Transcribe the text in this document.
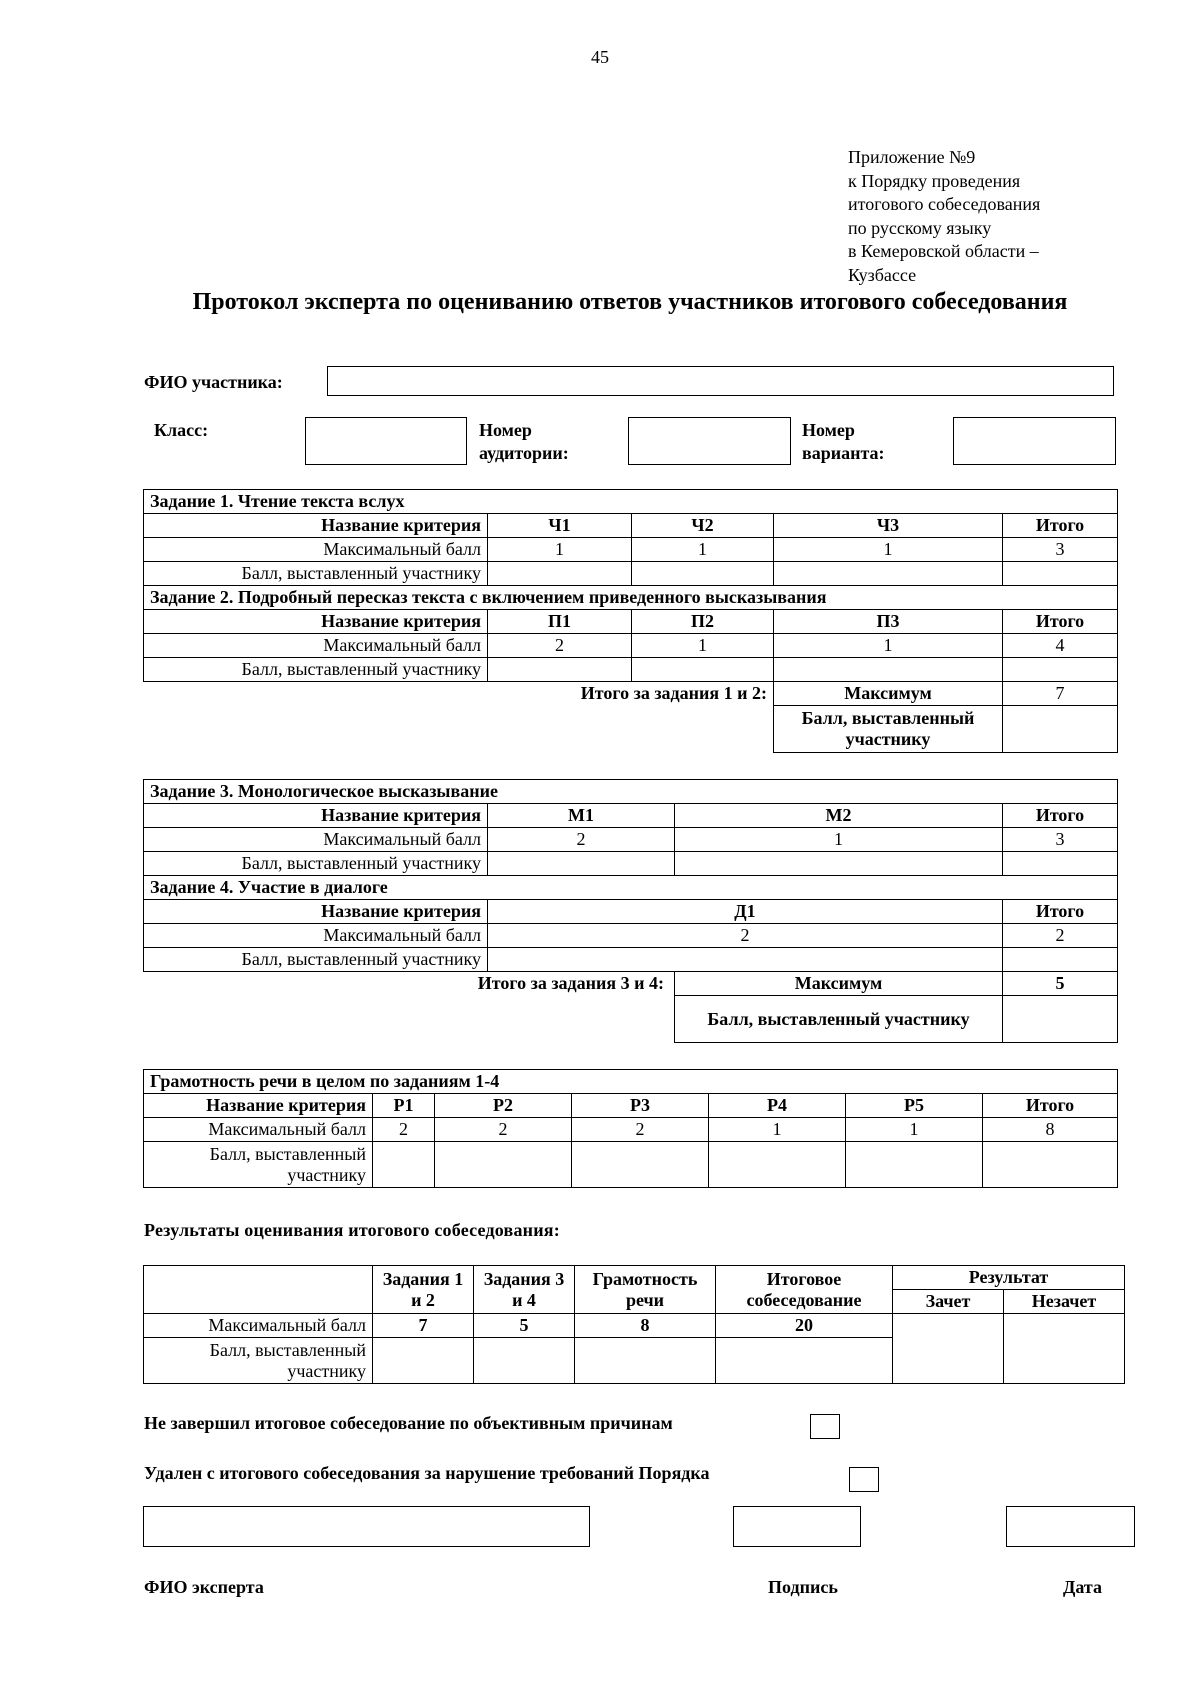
45
Приложение №9
к Порядку проведения
итогового собеседования
по русскому языку
в Кемеровской области –
Кузбассе
Протокол эксперта по оцениванию ответов участников итогового собеседования
ФИО участника:
Класс:	Номер аудитории:
Номер варианта:
Задание 1. Чтение текста вслух				
Название критерия	Ч1	Ч2	Ч3	Итого
Максимальный балл	1	1	1	3
Балл, выставленный участнику				
Задание 2. Подробный пересказ текста с включением приведенного высказывания				
Название критерия	П1	П2	П3	Итого
Максимальный балл	2	1	1	4
Балл, выставленный участнику				
Итого за задания 1 и 2:			Максимум	7
			Балл, выставленный участнику	
Задание 3. Монологическое высказывание			
Название критерия	М1	М2	Итого
Максимальный балл	2	1	3
Балл, выставленный участнику			
Задание 4. Участие в диалоге			
Название критерия	Д1		Итого
Максимальный балл	2		2
Балл, выставленный участнику			
Итого за задания 3 и 4:		Максимум	5
		Балл, выставленный участнику	
Грамотность речи в целом по заданиям 1-4						
Название критерия	Р1	Р2	Р3	Р4	Р5	Итого
Максимальный балл	2	2	2	1	1	8
Балл, выставленный участнику						
Результаты оценивания итогового собеседования:
	Задания 1 и 2	Задания 3 и 4	Грамотность речи	Итоговое собеседование	Результат	
					Зачет	Незачет
Максимальный балл	7	5	8	20		
Балл, выставленный участнику						
Не завершил итоговое собеседование по объективным причинам
Удален с итогового собеседования за нарушение требований Порядка
ФИО эксперта	Подпись	Дата
